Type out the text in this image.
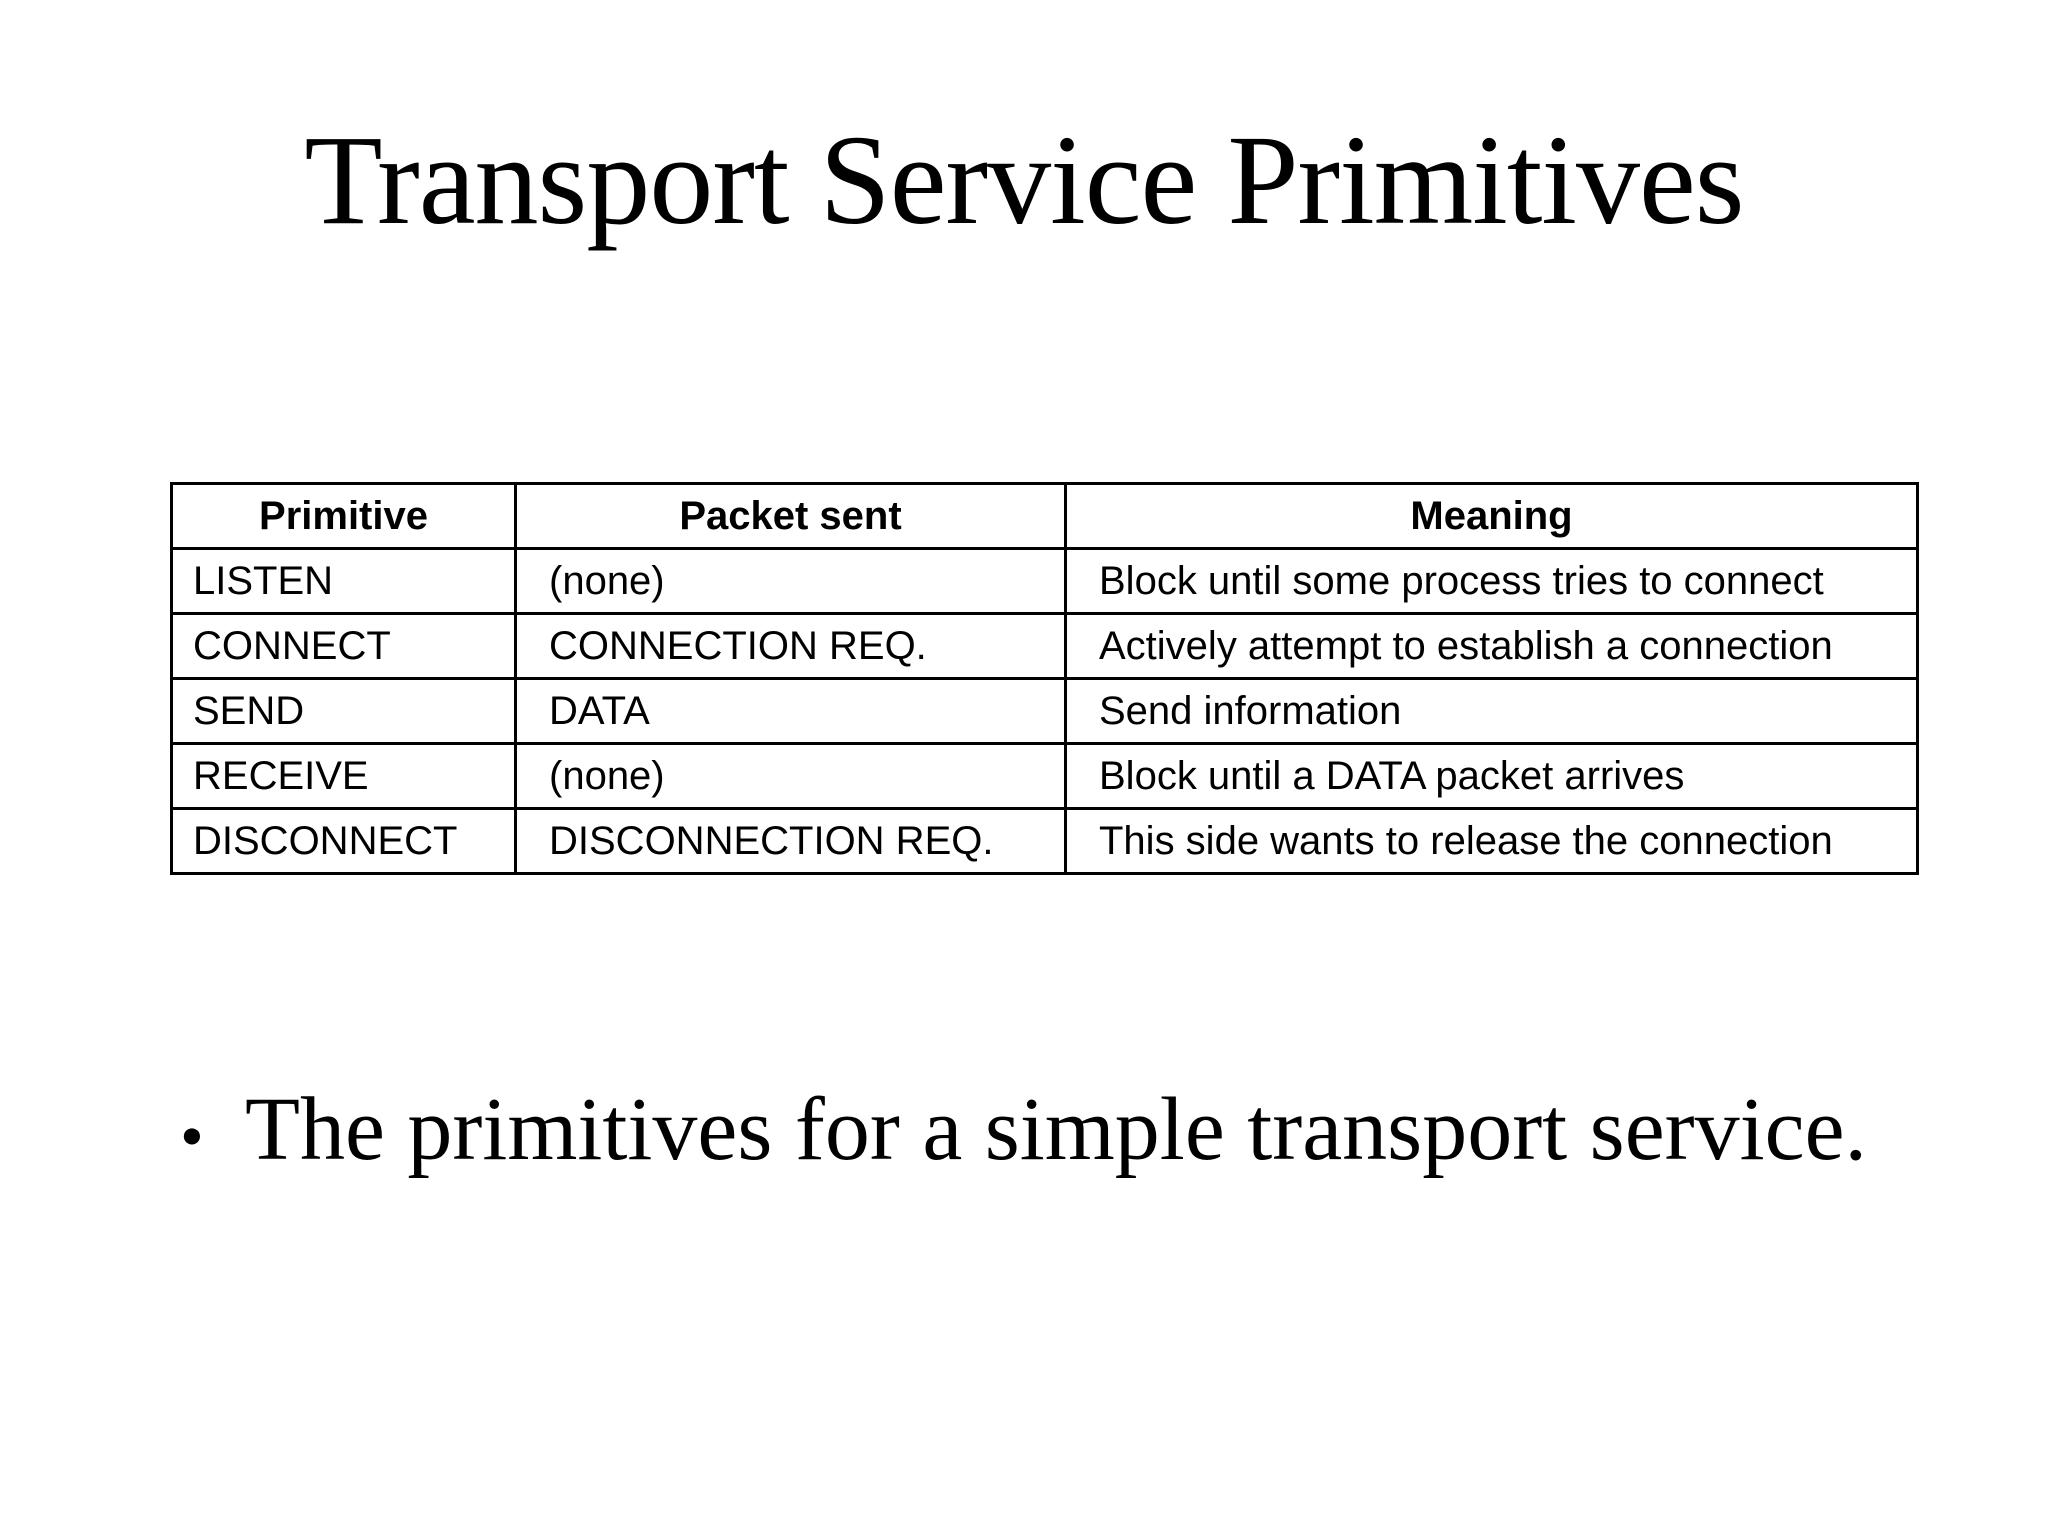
Transport Service Primitives
Primitive	Packet sent	Meaning
LISTEN	(none)	Block until some process tries to connect
CONNECT	CONNECTION REQ.	Actively attempt to establish a connection
SEND	DATA	Send information
RECEIVE	(none)	Block until a DATA packet arrives
DISCONNECT	DISCONNECTION REQ.	This side wants to release the connection
• The primitives for a simple transport service.
